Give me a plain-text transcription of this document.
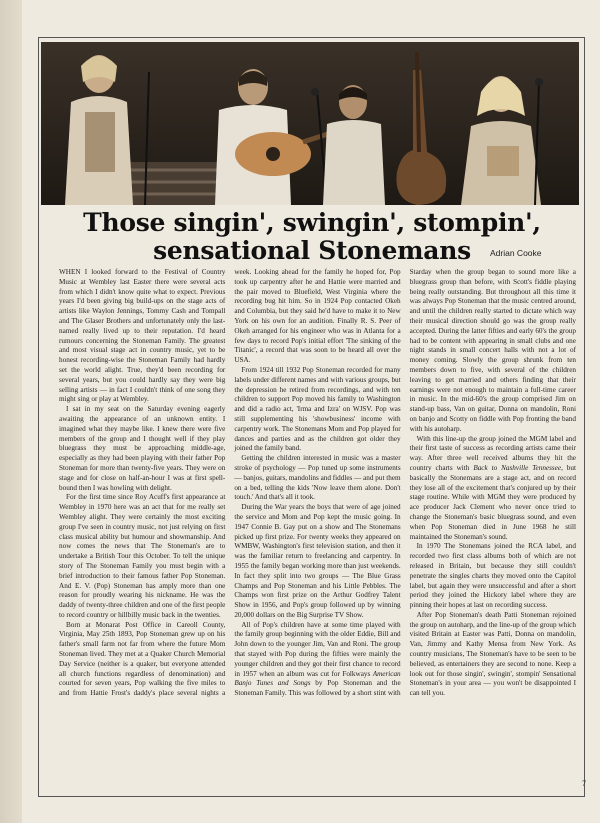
Those singin', swingin', stompin',
sensational Stonemans	Adrian Cooke

WHEN I looked forward to the Festival of Country Music at Wembley last Easter there were several acts from which I didn't know quite what to expect. Previous years I'd been giving big build-ups on the stage acts of artists like Waylon Jennings, Tommy Cash and Tompall and The Glaser Brothers and unfortunately only the last-named really lived up to their reputation. I'd heard rumours concerning the Stoneman Family. The greatest and most visual stage act in country music, yet to be honest recording-wise the Stoneman Family had hardly set the world alight. True, they'd been recording for several years, but you could hardly say they were big selling artists — in fact I couldn't think of one song they might sing or play at Wembley.

I sat in my seat on the Saturday evening eagerly awaiting the appearance of an unknown entity. I imagined what they maybe like. I knew there were five members of the group and I thought well if they play bluegrass they must be approaching middle-age, especially as they had been playing with their father Pop Stoneman for more than twenty-five years. They were on stage and for close on half-an-hour I was at first spell-bound then I was howling with delight.

For the first time since Roy Acuff's first appearance at Wembley in 1970 here was an act that for me really set Wembley alight. They were certainly the most exciting group I've seen in country music, not just relying on first class musical ability but humour and showmanship. And now comes the news that The Stoneman's are to undertake a British Tour this October. To tell the unique story of The Stoneman Family you must begin with a brief introduction to their famous father Pop Stoneman. And E. V. (Pop) Stoneman has amply more than one reason for proudly wearing his nickname. He was the daddy of twenty-three children and one of the first people to record country or hillbilly music back in the twenties.

Born at Monarat Post Office in Careoll County, Virginia, May 25th 1893, Pop Stoneman grew up on his father's small farm not far from where the future Mom Stoneman lived. They met at a Quaker Church Memorial Day Service (neither is a quaker, but everyone attended all church functions regardless of denomination) and courted for seven years, Pop walking the five miles to and from Hattie Frost's daddy's place several nights a week. Looking ahead for the family he hoped for, Pop took up carpentry after he and Hattie were married and the pair moved to Bluefield, West Virginia where the recording bug hit him. So in 1924 Pop contacted Okeh and Columbia, but they said he'd have to make it to New York on his own for an audition. Finally R. S. Peer of Okeh arranged for his engineer who was in Atlanta for a few days to record Pop's initial effort 'The sinking of the Titanic', a record that was soon to be heard all over the USA.

From 1924 till 1932 Pop Stoneman recorded for many labels under different names and with various groups, but the depression he retired from recordings, and with ten children to support Pop moved his family to Washington and did a radio act, 'Irma and Izra' on WJSV. Pop was still supplementing his 'showbusiness' income with carpentry work. The Stonemans Mom and Pop played for dances and parties and as the children got older they joined the family band.

Getting the children interested in music was a master stroke of psychology — Pop tuned up some instruments — banjos, guitars, mandolins and fiddles — and put them on a bed, telling the kids 'Now leave them alone. Don't touch.' And that's all it took.

During the War years the boys that were of age joined the service and Mom and Pop kept the music going. In 1947 Connie B. Gay put on a show and The Stonemans picked up first prize. For twenty weeks they appeared on WMBW, Washington's first television station, and then it was the familiar return to freelancing and carpentry. In 1955 the family began working more than just weekends. In fact they split into two groups — The Blue Grass Champs and Pop Stoneman and his Little Pebbles. The Champs won first prize on the Arthur Godfrey Talent Show in 1956, and Pop's group followed up by winning 20,000 dollars on the Big Surprise TV Show.

All of Pop's children have at some time played with the family group beginning with the older Eddie, Bill and John down to the younger Jim, Van and Roni. The group that stayed with Pop during the fifties were mainly the younger children and they got their first chance to record in 1957 when an album was cut for Folkways American Banjo Tunes and Songs by Pop Stoneman and the Stoneman Family. This was followed by a short stint with Starday when the group began to sound more like a bluegrass group than before, with Scott's fiddle playing being really outstanding. But throughout all this time it was always Pop Stoneman that the music centred around, and until the children really started to dictate which way their musical direction should go was the group really accepted. During the latter fifties and early 60's the group had to be content with appearing in small clubs and one night stands in small concert halls with not a lot of money coming. Slowly the group shrunk from ten members down to five, with several of the children leaving to get married and others finding that their earnings were not enough to maintain a full-time career in music. In the mid-60's the group comprised Jim on stand-up bass, Van on guitar, Donna on mandolin, Roni on banjo and Scotty on fiddle with Pop fronting the band with his autoharp.

With this line-up the group joined the MGM label and their first taste of success as recording artists came their way. After three well received albums they hit the country charts with Back to Nashville Tennessee, but basically the Stonemans are a stage act, and on record they lose all of the excitement that's conjured up by their stage routine. While with MGM they were produced by ace producer Jack Clement who never once tried to change the Stoneman's basic bluegrass sound, and even when Pop Stoneman died in June 1968 he still maintained the Stoneman's sound.

In 1970 The Stonemans joined the RCA label, and recorded two first class albums both of which are not released in Britain, but because they still couldn't penetrate the singles charts they moved onto the Capitol label, but again they were unsuccessful and after a short period they joined the Hickory label where they are pinning their hopes at last on recording success.

After Pop Stoneman's death Patti Stoneman rejoined the group on autoharp, and the line-up of the group which visited Britain at Easter was Patti, Donna on mandolin, Van, Jimmy and Kathy Mensa from New York. As country musicians, The Stoneman's have to be seen to be believed, as entertainers they are second to none. Keep a look out for those singin', swingin', stompin' Sensational Stoneman's in your area — you won't be disappointed I can tell you.

7
